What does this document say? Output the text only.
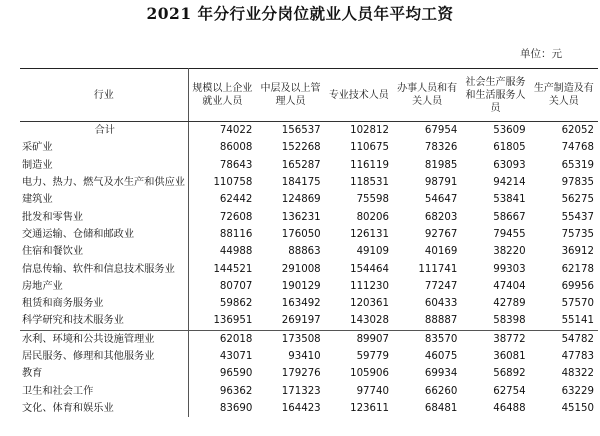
2021 年分行业分岗位就业人员年平均工资
单位：元
行业	规模以上企业就业人员	中层及以上管理人员	专业技术人员	办事人员和有关人员	社会生产服务和生活服务人员	生产制造及有关人员
合计	74022	156537	102812	67954	53609	62052
采矿业	86008	152268	110675	78326	61805	74768
制造业	78643	165287	116119	81985	63093	65319
电力、热力、燃气及水生产和供应业	110758	184175	118531	98791	94214	97835
建筑业	62442	124869	75598	54647	53841	56275
批发和零售业	72608	136231	80206	68203	58667	55437
交通运输、仓储和邮政业	88116	176050	126131	92767	79455	75735
住宿和餐饮业	44988	88863	49109	40169	38220	36912
信息传输、软件和信息技术服务业	144521	291008	154464	111741	99303	62178
房地产业	80707	190129	111230	77247	47404	69956
租赁和商务服务业	59862	163492	120361	60433	42789	57570
科学研究和技术服务业	136951	269197	143028	88887	58398	55141
水利、环境和公共设施管理业	62018	173508	89907	83570	38772	54782
居民服务、修理和其他服务业	43071	93410	59779	46075	36081	47783
教育	96590	179276	105906	69934	56892	48322
卫生和社会工作	96362	171323	97740	66260	62754	63229
文化、体育和娱乐业	83690	164423	123611	68481	46488	45150
